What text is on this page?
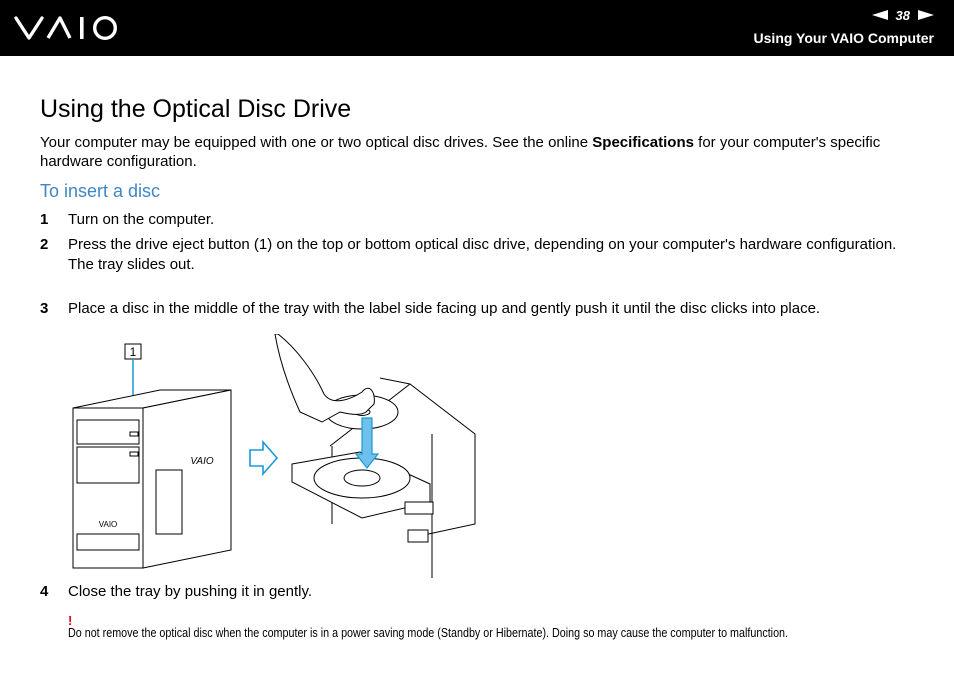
38
Using Your VAIO Computer
Using the Optical Disc Drive

Your computer may be equipped with one or two optical disc drives. See the online Specifications for your computer's specific hardware configuration.

To insert a disc
1 Turn on the computer.
2 Press the drive eject button (1) on the top or bottom optical disc drive, depending on your computer's hardware configuration.
The tray slides out.
3 Place a disc in the middle of the tray with the label side facing up and gently push it until the disc clicks into place.
1
VAIO
VAIO
4 Close the tray by pushing it in gently.
!
Do not remove the optical disc when the computer is in a power saving mode (Standby or Hibernate). Doing so may cause the computer to malfunction.
